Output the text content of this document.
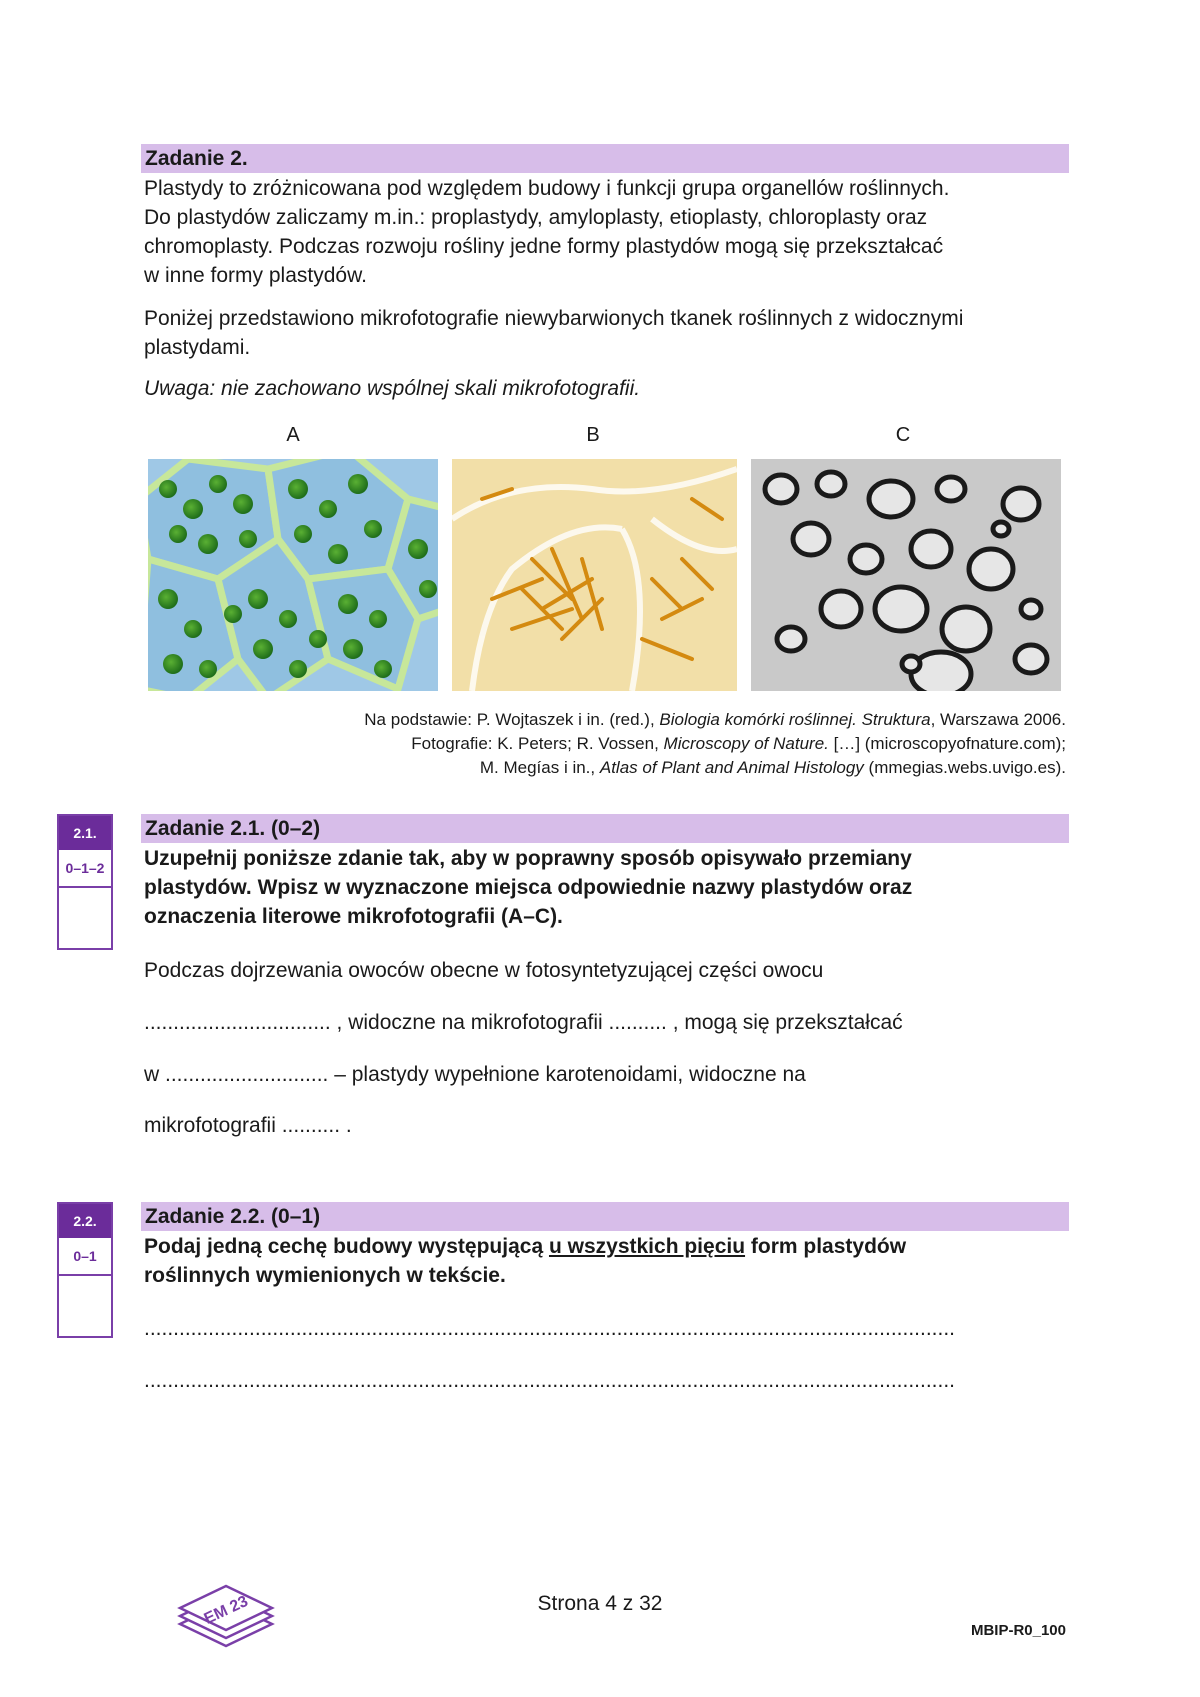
Zadanie 2.
Plastydy to zróżnicowana pod względem budowy i funkcji grupa organellów roślinnych.
Do plastydów zaliczamy m.in.: proplastydy, amyloplasty, etioplasty, chloroplasty oraz
chromoplasty. Podczas rozwoju rośliny jedne formy plastydów mogą się przekształcać
w inne formy plastydów.
Poniżej przedstawiono mikrofotografie niewybarwionych tkanek roślinnych z widocznymi
plastydami.
Uwaga: nie zachowano wspólnej skali mikrofotografii.
A	B	C
Na podstawie: P. Wojtaszek i in. (red.), Biologia komórki roślinnej. Struktura, Warszawa 2006.
Fotografie: K. Peters; R. Vossen, Microscopy of Nature. […] (microscopyofnature.com);
M. Megías i in., Atlas of Plant and Animal Histology (mmegias.webs.uvigo.es).
2.1.
0–1–2
Zadanie 2.1. (0–2)
Uzupełnij poniższe zdanie tak, aby w poprawny sposób opisywało przemiany
plastydów. Wpisz w wyznaczone miejsca odpowiednie nazwy plastydów oraz
oznaczenia literowe mikrofotografii (A–C).
Podczas dojrzewania owoców obecne w fotosyntetyzującej części owocu
................................ , widoczne na mikrofotografii .......... , mogą się przekształcać
w ............................ – plastydy wypełnione karotenoidami, widoczne na
mikrofotografii .......... .
2.2.
0–1
Zadanie 2.2. (0–1)
Podaj jedną cechę budowy występującą u wszystkich pięciu form plastydów
roślinnych wymienionych w tekście.
...........................................................................................................................................
...........................................................................................................................................
EM 23	Strona 4 z 32
MBIP-R0_100
